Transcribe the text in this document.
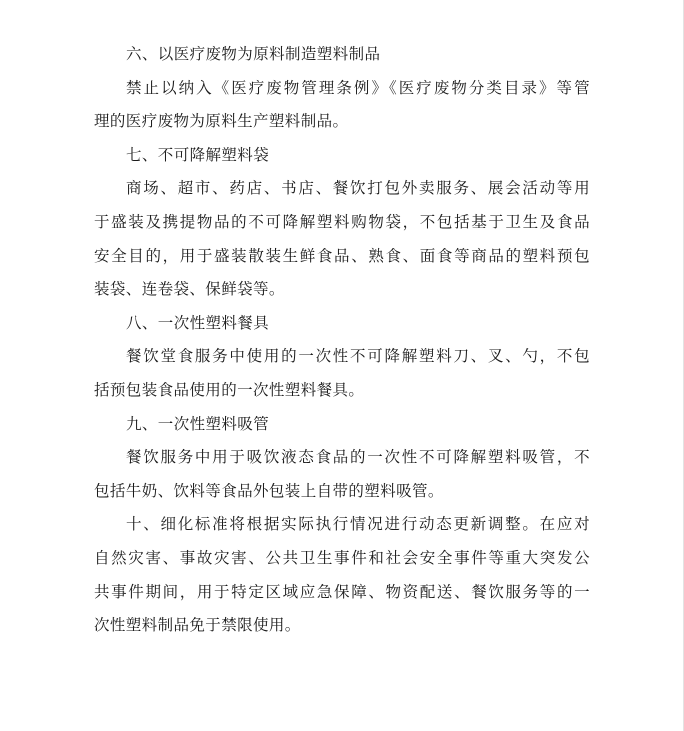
六、以医疗废物为原料制造塑料制品

禁止以纳入《医疗废物管理条例》《医疗废物分类目录》等管
理的医疗废物为原料生产塑料制品。

七、不可降解塑料袋

商场、超市、药店、书店、餐饮打包外卖服务、展会活动等用
于盛装及携提物品的不可降解塑料购物袋，不包括基于卫生及食品
安全目的，用于盛装散装生鲜食品、熟食、面食等商品的塑料预包
装袋、连卷袋、保鲜袋等。

八、一次性塑料餐具

餐饮堂食服务中使用的一次性不可降解塑料刀、叉、勺，不包
括预包装食品使用的一次性塑料餐具。

九、一次性塑料吸管

餐饮服务中用于吸饮液态食品的一次性不可降解塑料吸管，不
包括牛奶、饮料等食品外包装上自带的塑料吸管。

十、细化标准将根据实际执行情况进行动态更新调整。在应对
自然灾害、事故灾害、公共卫生事件和社会安全事件等重大突发公
共事件期间，用于特定区域应急保障、物资配送、餐饮服务等的一
次性塑料制品免于禁限使用。
